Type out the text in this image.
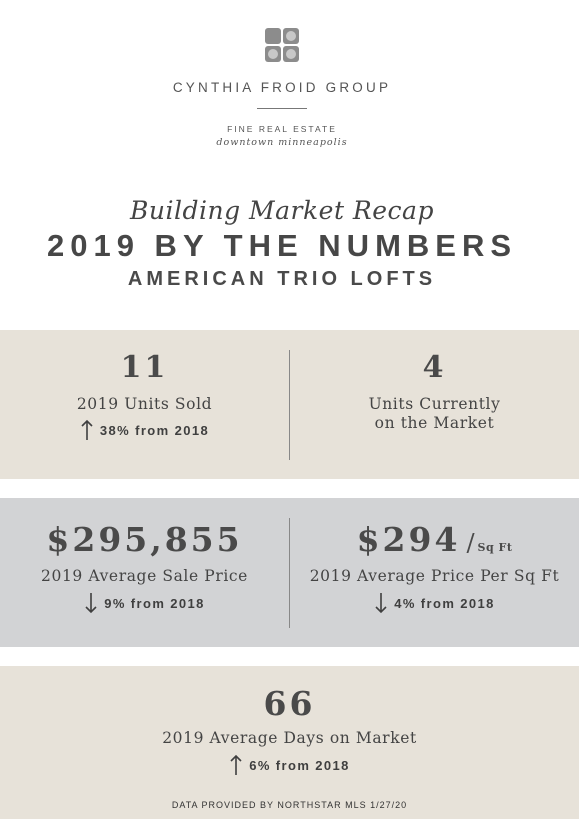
CYNTHIA FROID GROUP
FINE REAL ESTATE
downtown minneapolis
Building Market Recap
2019 BY THE NUMBERS
AMERICAN TRIO LOFTS
11
2019 Units Sold
38% from 2018
4
Units Currently
on the Market
$295,855
2019 Average Sale Price
9% from 2018
$294 / Sq Ft
2019 Average Price Per Sq Ft
4% from 2018
66
2019 Average Days on Market
6% from 2018
DATA PROVIDED BY NORTHSTAR MLS 1/27/20
